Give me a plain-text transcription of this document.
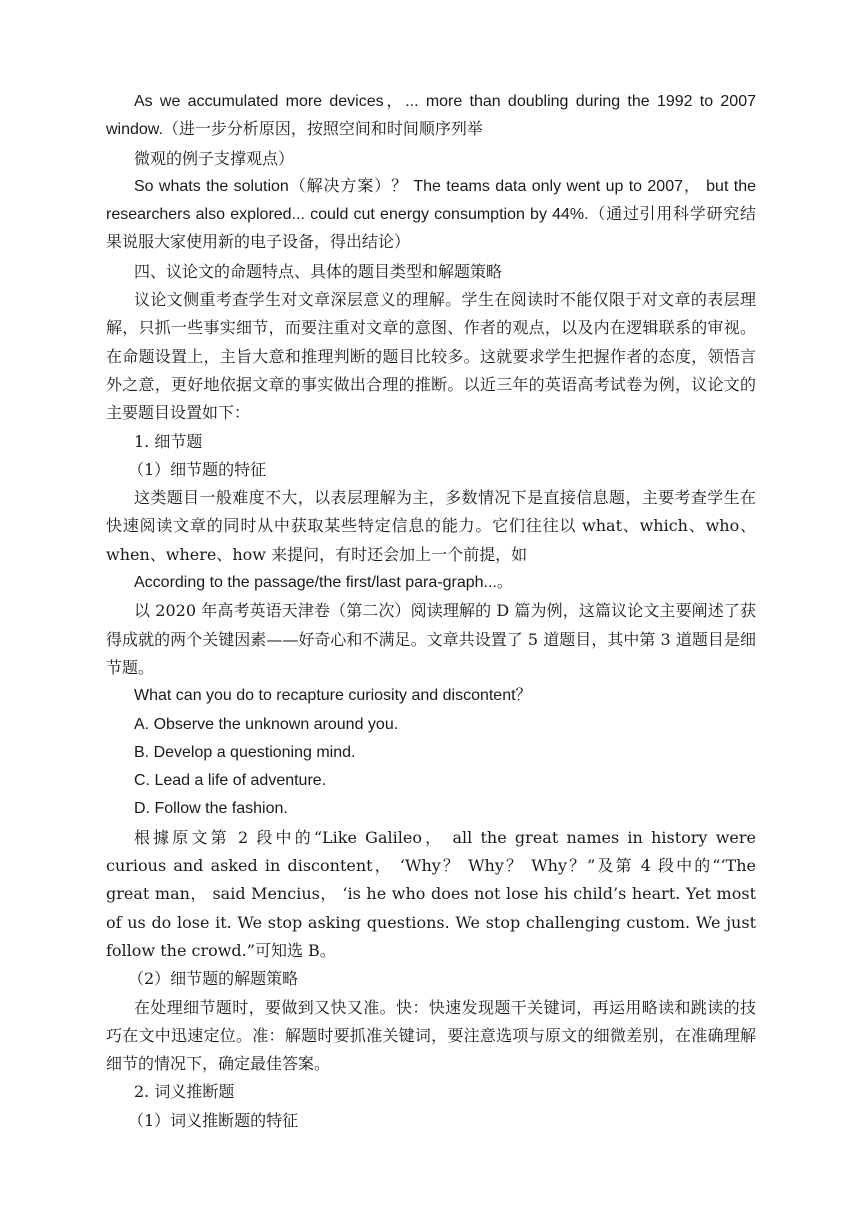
As we accumulated more devices，... more than doubling during the 1992 to 2007 window.（进一步分析原因，按照空间和时间顺序列举

微观的例子支撑观点）

So whats the solution（解决方案）？ The teams data only went up to 2007， but the researchers also explored... could cut energy consumption by 44%.（通过引用科学研究结果说服大家使用新的电子设备，得出结论）

四、议论文的命题特点、具体的题目类型和解题策略

议论文侧重考查学生对文章深层意义的理解。学生在阅读时不能仅限于对文章的表层理解，只抓一些事实细节，而要注重对文章的意图、作者的观点，以及内在逻辑联系的审视。在命题设置上，主旨大意和推理判断的题目比较多。这就要求学生把握作者的态度，领悟言外之意，更好地依据文章的事实做出合理的推断。以近三年的英语高考试卷为例，议论文的主要题目设置如下：

1. 细节题

（1）细节题的特征

这类题目一般难度不大，以表层理解为主，多数情况下是直接信息题，主要考查学生在快速阅读文章的同时从中获取某些特定信息的能力。它们往往以 what、which、who、when、where、how 来提问，有时还会加上一个前提，如

According to the passage/the first/last para-graph...。

以 2020 年高考英语天津卷（第二次）阅读理解的 D 篇为例，这篇议论文主要阐述了获得成就的两个关键因素——好奇心和不满足。文章共设置了 5 道题目，其中第 3 道题目是细节题。

What can you do to recapture curiosity and discontent？

A. Observe the unknown around you.

B. Develop a questioning mind.

C. Lead a life of adventure.

D. Follow the fashion.

根據原文第 2 段中的“Like Galileo， all the great names in history were curious and asked in discontent， ‘Why？ Why？ Why？”及第 4 段中的“‘The great man， said Mencius， ‘is he who does not lose his child’s heart. Yet most of us do lose it. We stop asking questions. We stop challenging custom. We just follow the crowd.”可知选 B。

（2）细节题的解题策略

在处理细节题时，要做到又快又准。快：快速发现题干关键词，再运用略读和跳读的技巧在文中迅速定位。准：解题时要抓准关键词，要注意选项与原文的细微差别，在准确理解细节的情况下，确定最佳答案。

2. 词义推断题

（1）词义推断题的特征
